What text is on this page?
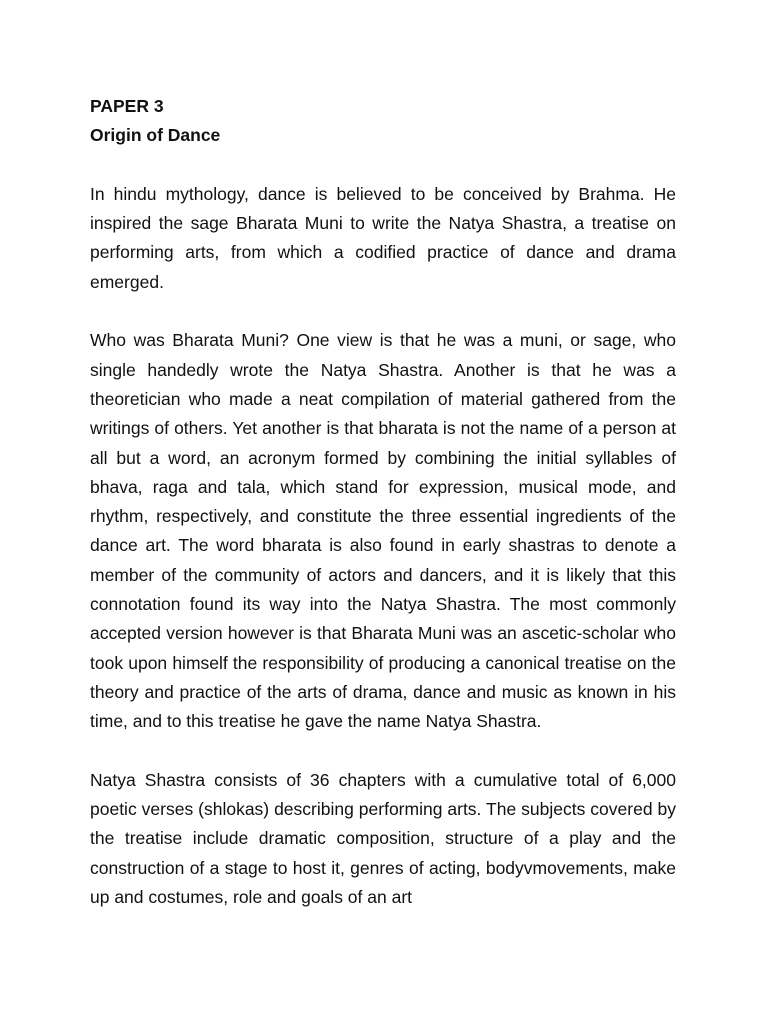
PAPER 3

Origin of Dance

In hindu mythology, dance is believed to be conceived by Brahma. He inspired the sage Bharata Muni to write the Natya Shastra, a treatise on performing arts, from which a codified practice of dance and drama emerged.

Who was Bharata Muni? One view is that he was a muni, or sage, who single handedly wrote the Natya Shastra. Another is that he was a theoretician who made a neat compilation of material gathered from the writings of others. Yet another is that bharata is not the name of a person at all but a word, an acronym formed by combining the initial syllables of bhava, raga and tala, which stand for expression, musical mode, and rhythm, respectively, and constitute the three essential ingredients of the dance art. The word bharata is also found in early shastras to denote a member of the community of actors and dancers, and it is likely that this connotation found its way into the Natya Shastra. The most commonly accepted version however is that Bharata Muni was an ascetic-scholar who took upon himself the responsibility of producing a canonical treatise on the theory and practice of the arts of drama, dance and music as known in his time, and to this treatise he gave the name Natya Shastra.

Natya Shastra consists of 36 chapters with a cumulative total of 6,000 poetic verses (shlokas) describing performing arts. The subjects covered by the treatise include dramatic composition, structure of a play and the construction of a stage to host it, genres of acting, bodyvmovements, make up and costumes, role and goals of an art
